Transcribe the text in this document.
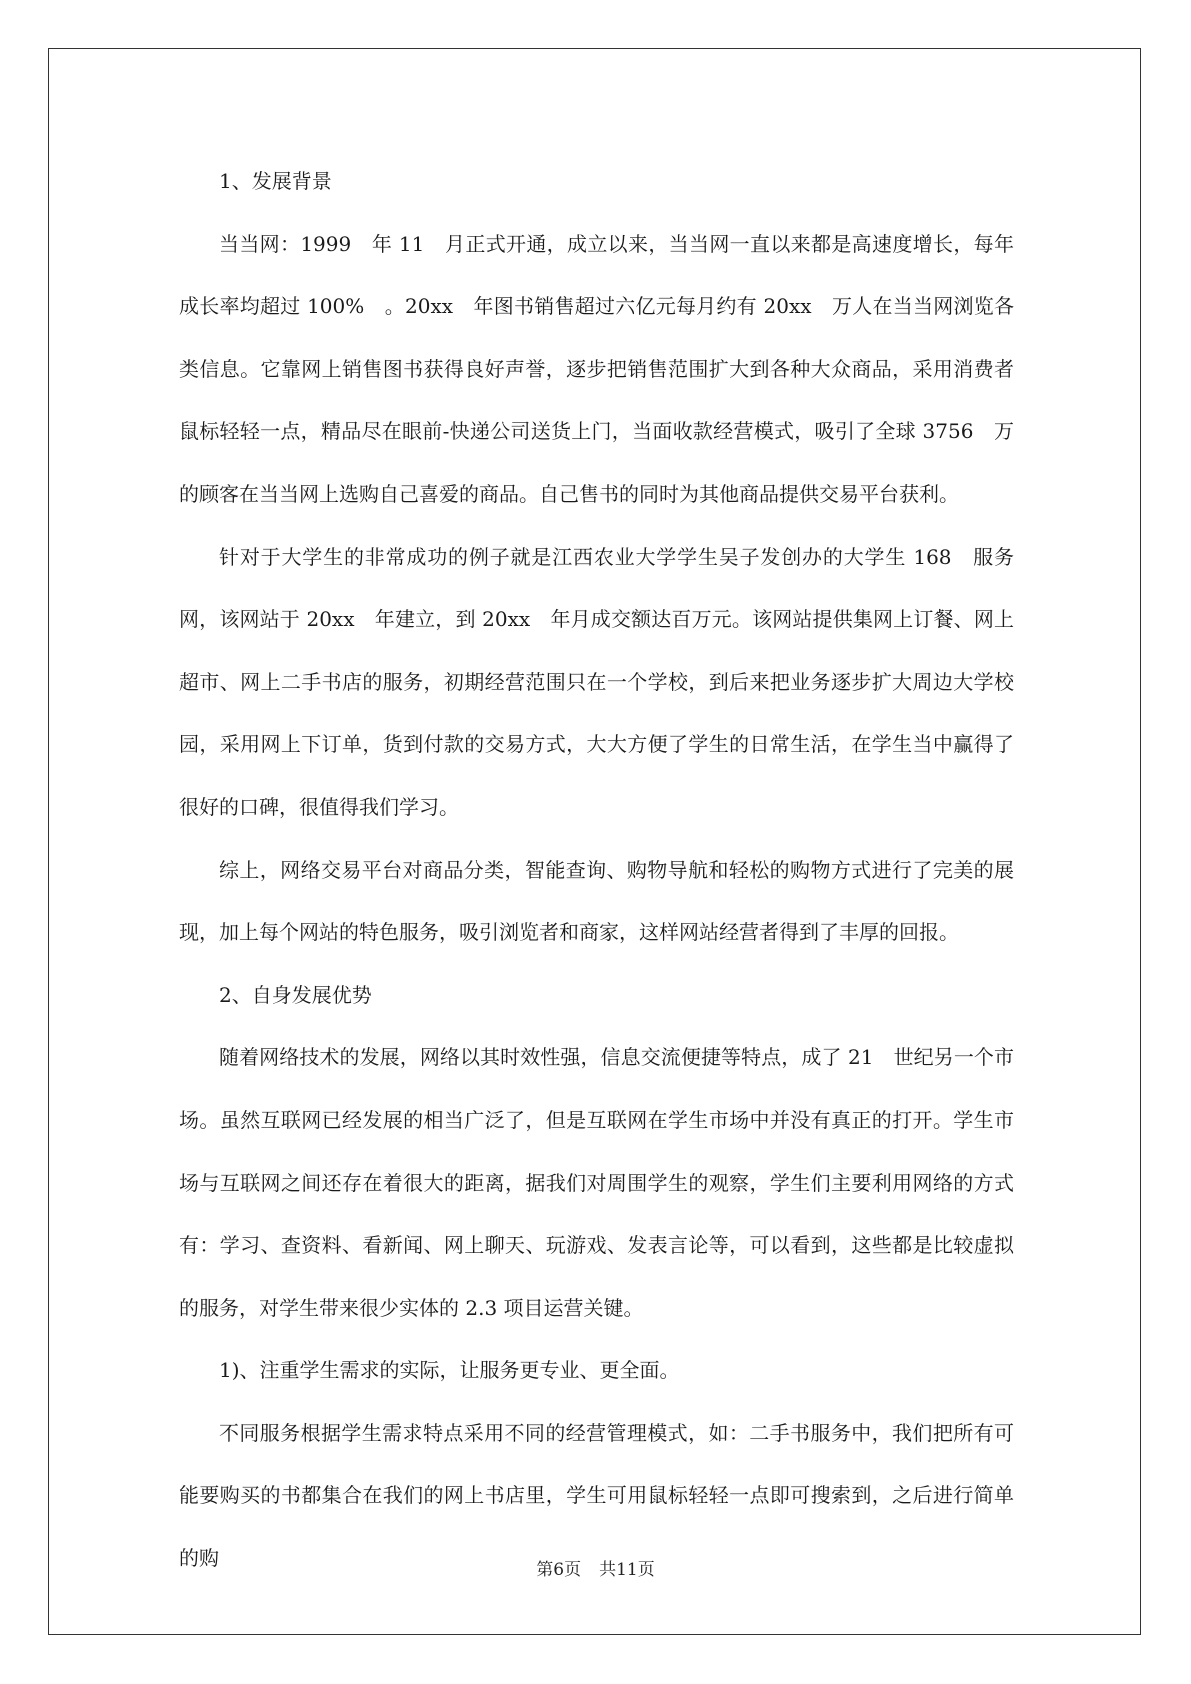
1、发展背景

当当网：1999　年 11　月正式开通，成立以来，当当网一直以来都是高速度增长，每年成长率均超过 100%　。20xx　年图书销售超过六亿元每月约有 20xx　万人在当当网浏览各类信息。它靠网上销售图书获得良好声誉，逐步把销售范围扩大到各种大众商品，采用消费者鼠标轻轻一点，精品尽在眼前-快递公司送货上门，当面收款经营模式，吸引了全球 3756　万的顾客在当当网上选购自己喜爱的商品。自己售书的同时为其他商品提供交易平台获利。

针对于大学生的非常成功的例子就是江西农业大学学生吴子发创办的大学生 168　服务网，该网站于 20xx　年建立，到 20xx　年月成交额达百万元。该网站提供集网上订餐、网上超市、网上二手书店的服务，初期经营范围只在一个学校，到后来把业务逐步扩大周边大学校园，采用网上下订单，货到付款的交易方式，大大方便了学生的日常生活，在学生当中赢得了很好的口碑，很值得我们学习。

综上，网络交易平台对商品分类，智能查询、购物导航和轻松的购物方式进行了完美的展现，加上每个网站的特色服务，吸引浏览者和商家，这样网站经营者得到了丰厚的回报。

2、自身发展优势

随着网络技术的发展，网络以其时效性强，信息交流便捷等特点，成了 21　世纪另一个市场。虽然互联网已经发展的相当广泛了，但是互联网在学生市场中并没有真正的打开。学生市场与互联网之间还存在着很大的距离，据我们对周围学生的观察，学生们主要利用网络的方式有：学习、查资料、看新闻、网上聊天、玩游戏、发表言论等，可以看到，这些都是比较虚拟的服务，对学生带来很少实体的 2.3 项目运营关键。

1)、注重学生需求的实际，让服务更专业、更全面。

不同服务根据学生需求特点采用不同的经营管理模式，如：二手书服务中，我们把所有可能要购买的书都集合在我们的网上书店里，学生可用鼠标轻轻一点即可搜索到，之后进行简单的购	第6页 共11页
